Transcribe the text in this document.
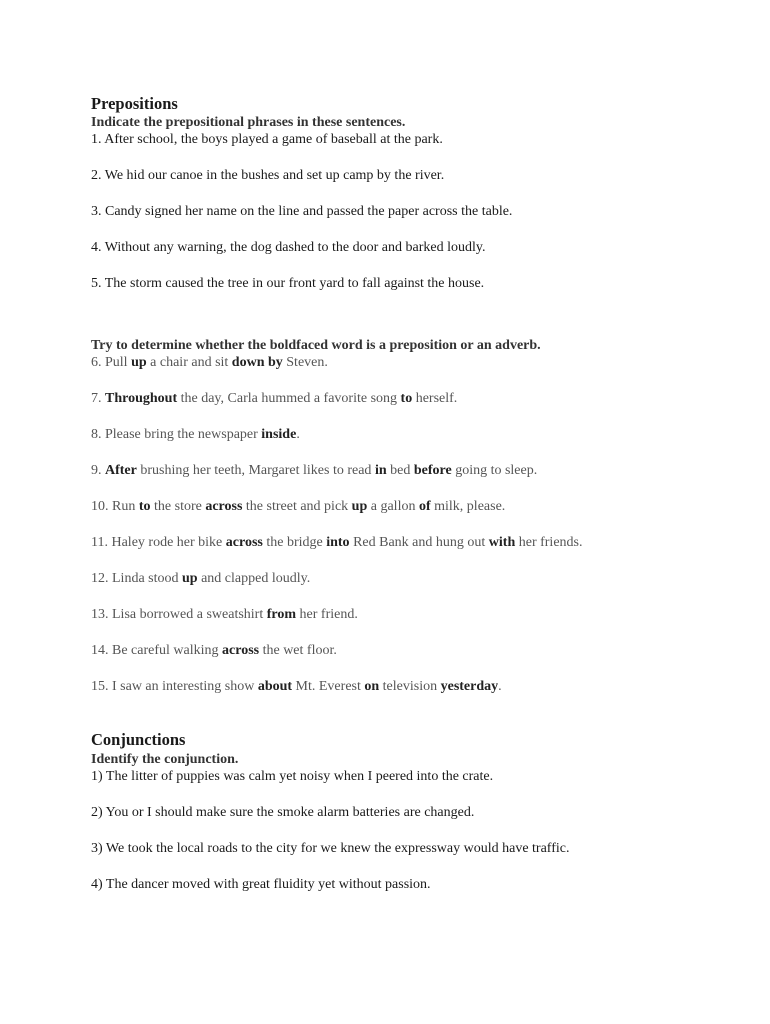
Prepositions

Indicate the prepositional phrases in these sentences.

1. After school, the boys played a game of baseball at the park.

2. We hid our canoe in the bushes and set up camp by the river.

3. Candy signed her name on the line and passed the paper across the table.

4. Without any warning, the dog dashed to the door and barked loudly.

5. The storm caused the tree in our front yard to fall against the house.

Try to determine whether the boldfaced word is a preposition or an adverb.

6. Pull up a chair and sit down by Steven.

7. Throughout the day, Carla hummed a favorite song to herself.

8. Please bring the newspaper inside.

9. After brushing her teeth, Margaret likes to read in bed before going to sleep.

10. Run to the store across the street and pick up a gallon of milk, please.

11. Haley rode her bike across the bridge into Red Bank and hung out with her friends.

12. Linda stood up and clapped loudly.

13. Lisa borrowed a sweatshirt from her friend.

14. Be careful walking across the wet floor.

15. I saw an interesting show about Mt. Everest on television yesterday.

Conjunctions

Identify the conjunction.

1) The litter of puppies was calm yet noisy when I peered into the crate.

2) You or I should make sure the smoke alarm batteries are changed.

3) We took the local roads to the city for we knew the expressway would have traffic.

4) The dancer moved with great fluidity yet without passion.
